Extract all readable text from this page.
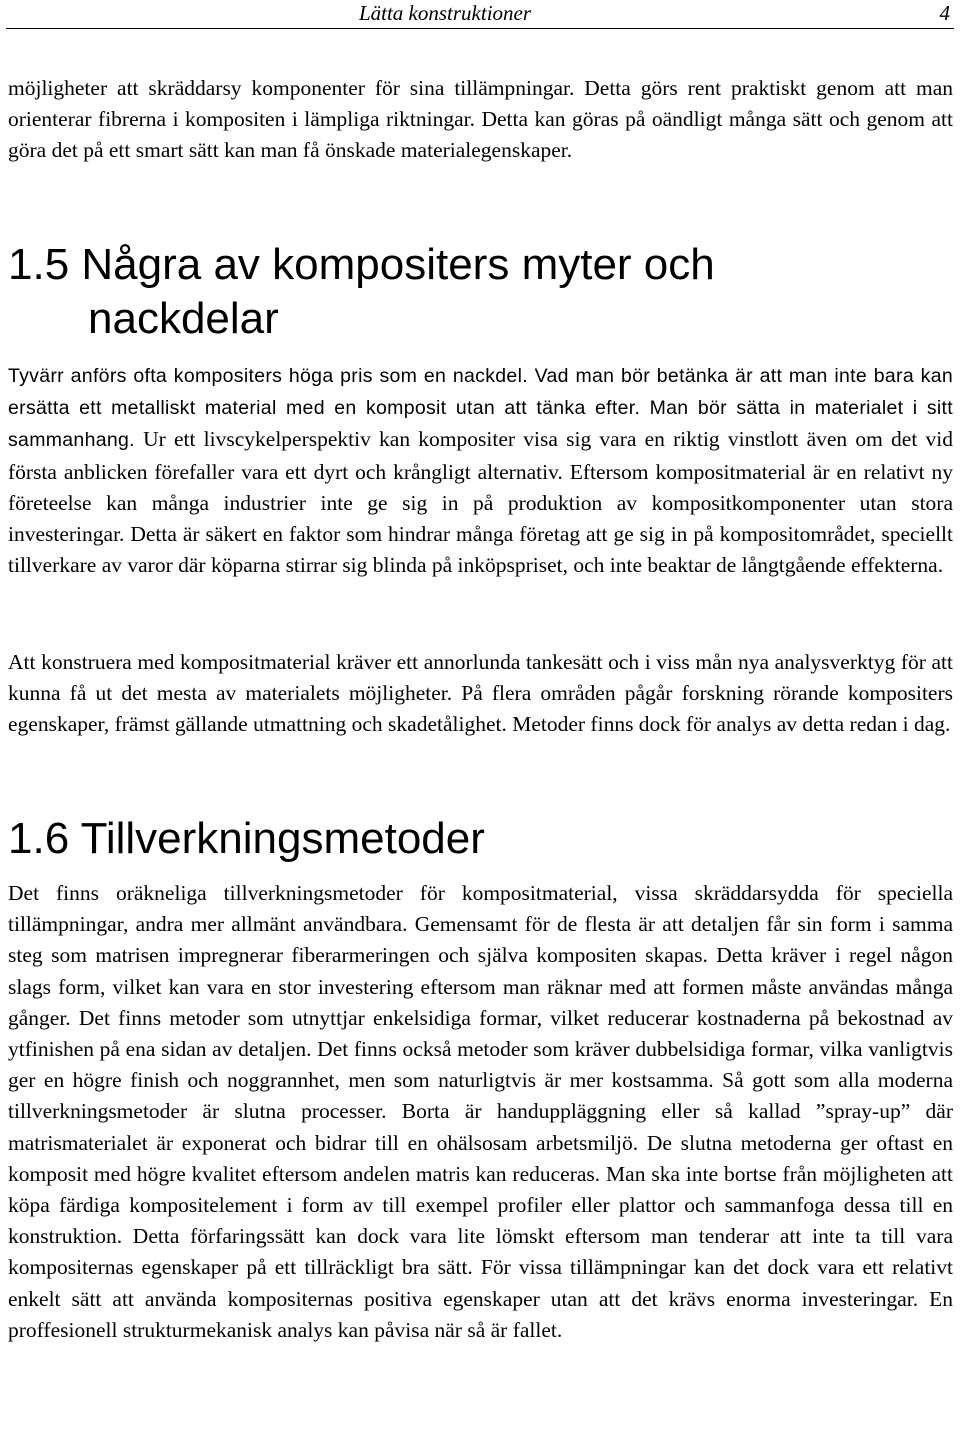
Lätta konstruktioner	4

möjligheter att skräddarsy komponenter för sina tillämpningar. Detta görs rent praktiskt genom att man orienterar fibrerna i kompositen i lämpliga riktningar. Detta kan göras på oändligt många sätt och genom att göra det på ett smart sätt kan man få önskade materialegenskaper.

1.5 Några av kompositers myter och
nackdelar

Tyvärr anförs ofta kompositers höga pris som en nackdel. Vad man bör betänka är att man inte bara kan ersätta ett metalliskt material med en komposit utan att tänka efter. Man bör sätta in materialet i sitt sammanhang. Ur ett livscykelperspektiv kan kompositer visa sig vara en riktig vinstlott även om det vid första anblicken förefaller vara ett dyrt och krångligt alternativ. Eftersom kompositmaterial är en relativt ny företeelse kan många industrier inte ge sig in på produktion av kompositkomponenter utan stora investeringar. Detta är säkert en faktor som hindrar många företag att ge sig in på kompositområdet, speciellt tillverkare av varor där köparna stirrar sig blinda på inköpspriset, och inte beaktar de långtgående effekterna.

Att konstruera med kompositmaterial kräver ett annorlunda tankesätt och i viss mån nya analysverktyg för att kunna få ut det mesta av materialets möjligheter. På flera områden pågår forskning rörande kompositers egenskaper, främst gällande utmattning och skadetålighet. Metoder finns dock för analys av detta redan i dag.

1.6 Tillverkningsmetoder

Det finns oräkneliga tillverkningsmetoder för kompositmaterial, vissa skräddarsydda för speciella tillämpningar, andra mer allmänt användbara. Gemensamt för de flesta är att detaljen får sin form i samma steg som matrisen impregnerar fiberarmeringen och själva kompositen skapas. Detta kräver i regel någon slags form, vilket kan vara en stor investering eftersom man räknar med att formen måste användas många gånger. Det finns metoder som utnyttjar enkelsidiga formar, vilket reducerar kostnaderna på bekostnad av ytfinishen på ena sidan av detaljen. Det finns också metoder som kräver dubbelsidiga formar, vilka vanligtvis ger en högre finish och noggrannhet, men som naturligtvis är mer kostsamma. Så gott som alla moderna tillverkningsmetoder är slutna processer. Borta är handuppläggning eller så kallad ”spray-up” där matrismaterialet är exponerat och bidrar till en ohälsosam arbetsmiljö. De slutna metoderna ger oftast en komposit med högre kvalitet eftersom andelen matris kan reduceras. Man ska inte bortse från möjligheten att köpa färdiga kompositelement i form av till exempel profiler eller plattor och sammanfoga dessa till en konstruktion. Detta förfaringssätt kan dock vara lite lömskt eftersom man tenderar att inte ta till vara kompositernas egenskaper på ett tillräckligt bra sätt. För vissa tillämpningar kan det dock vara ett relativt enkelt sätt att använda kompositernas positiva egenskaper utan att det krävs enorma investeringar. En proffesionell strukturmekanisk analys kan påvisa när så är fallet.
